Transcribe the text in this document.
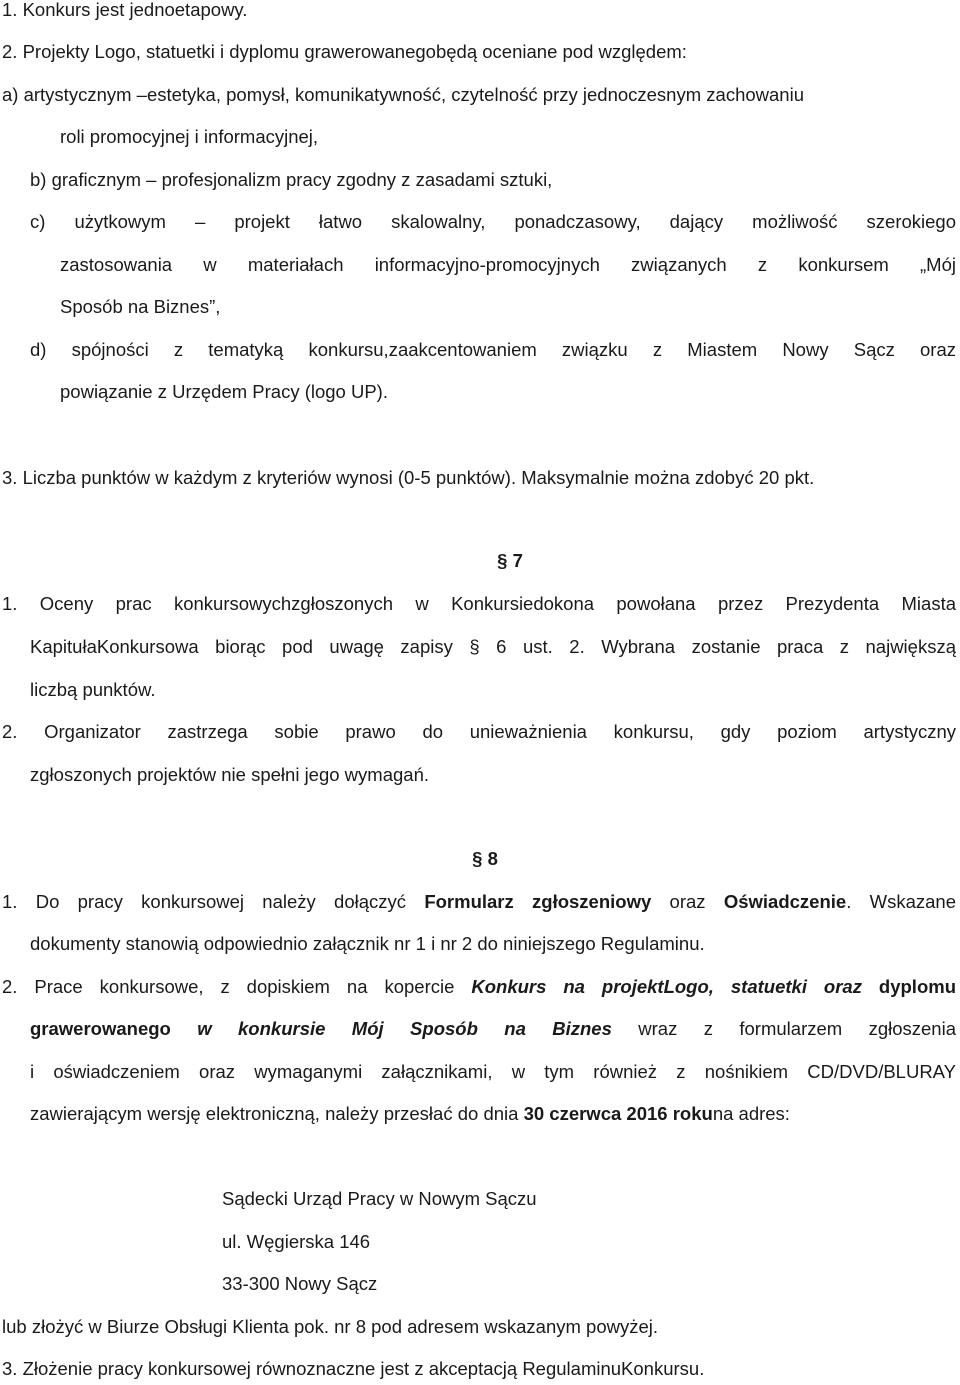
1. Konkurs jest jednoetapowy.
2. Projekty Logo, statuetki i dyplomu grawerowanegobędą oceniane pod względem:
a) artystycznym –estetyka, pomysł, komunikatywność, czytelność przy jednoczesnym zachowaniu
roli promocyjnej i informacyjnej,
b) graficznym – profesjonalizm pracy zgodny z zasadami sztuki,
c) użytkowym – projekt łatwo skalowalny, ponadczasowy, dający możliwość szerokiego
zastosowania w materiałach informacyjno-promocyjnych związanych z konkursem „Mój
Sposób na Biznes”,
d) spójności z tematyką konkursu,zaakcentowaniem związku z Miastem Nowy Sącz oraz
powiązanie z Urzędem Pracy (logo UP).
3. Liczba punktów w każdym z kryteriów wynosi (0-5 punktów). Maksymalnie można zdobyć 20 pkt.
§ 7
1. Oceny prac konkursowychzgłoszonych w Konkursiedokona powołana przez Prezydenta Miasta
KapitułaKonkursowa biorąc pod uwagę zapisy § 6 ust. 2. Wybrana zostanie praca z największą
liczbą punktów.
2. Organizator zastrzega sobie prawo do unieważnienia konkursu, gdy poziom artystyczny
zgłoszonych projektów nie spełni jego wymagań.
§ 8
1. Do pracy konkursowej należy dołączyć Formularz zgłoszeniowy oraz Oświadczenie. Wskazane
dokumenty stanowią odpowiednio załącznik nr 1 i nr 2 do niniejszego Regulaminu.
2. Prace konkursowe, z dopiskiem na kopercie Konkurs na projektLogo, statuetki oraz dyplomu
grawerowanego w konkursie Mój Sposób na Biznes wraz z formularzem zgłoszenia
i oświadczeniem oraz wymaganymi załącznikami, w tym również z nośnikiem CD/DVD/BLURAY
zawierającym wersję elektroniczną, należy przesłać do dnia 30 czerwca 2016 rokuna adres:
Sądecki Urząd Pracy w Nowym Sączu
ul. Węgierska 146
33-300 Nowy Sącz
lub złożyć w Biurze Obsługi Klienta pok. nr 8 pod adresem wskazanym powyżej.
3. Złożenie pracy konkursowej równoznaczne jest z akceptacją RegulaminuKonkursu.
